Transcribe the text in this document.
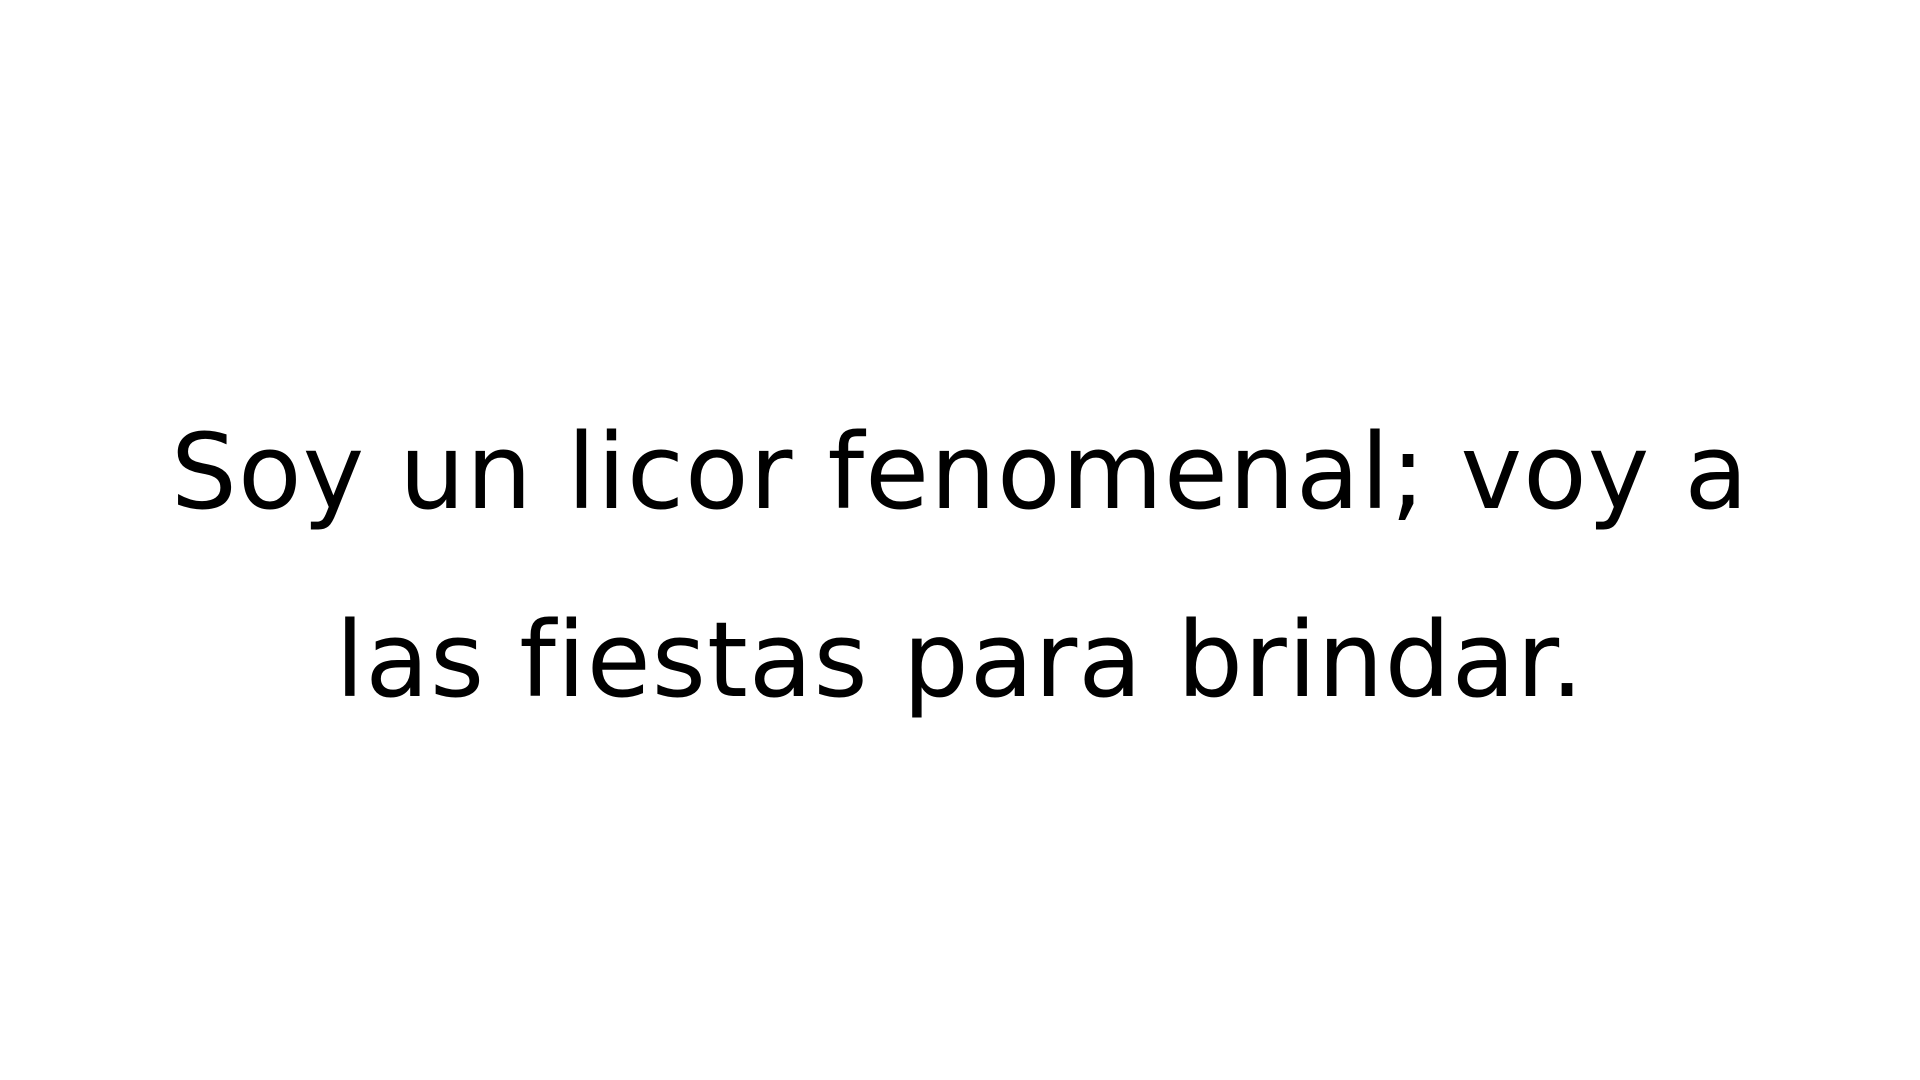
Soy un licor fenomenal; voy a
las fiestas para brindar.
